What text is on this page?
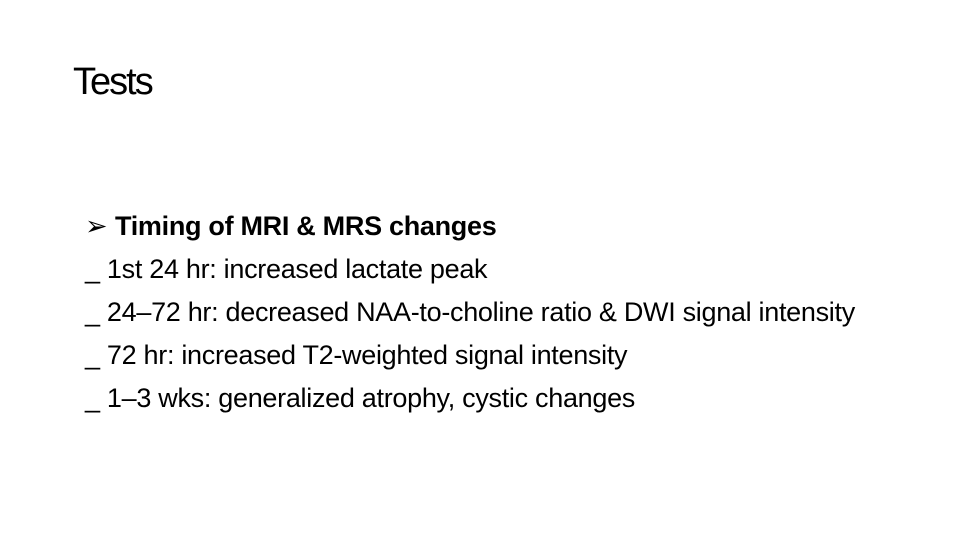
Tests
➢ Timing of MRI & MRS changes
_ 1st 24 hr: increased lactate peak
_ 24–72 hr: decreased NAA-to-choline ratio & DWI signal intensity
_ 72 hr: increased T2-weighted signal intensity
_ 1–3 wks: generalized atrophy, cystic changes
